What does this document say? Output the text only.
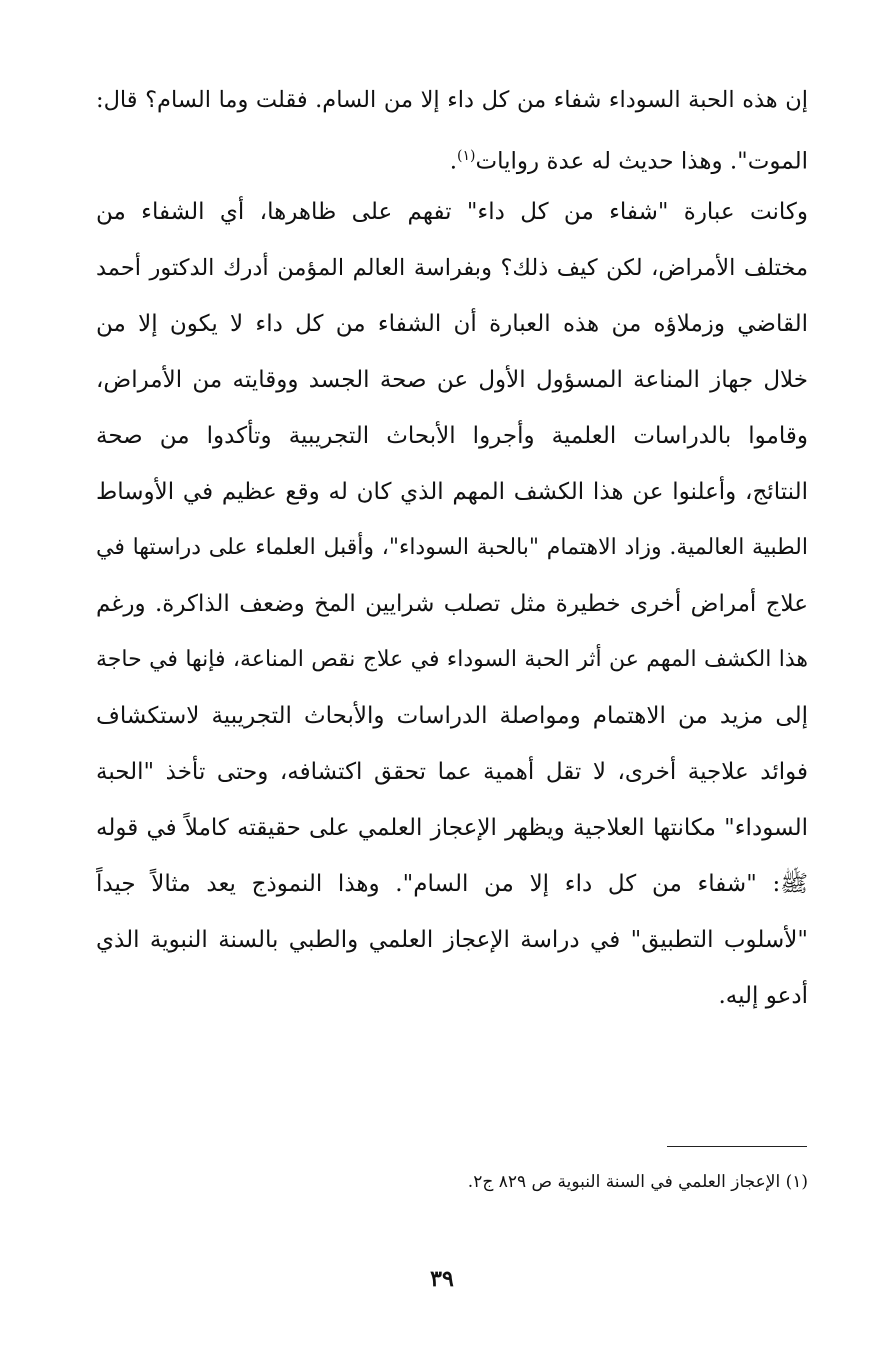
إن هذه الحبة السوداء شفاء من كل داء إلا من السام. فقلت وما السام؟ قال:
الموت". وهذا حديث له عدة روايات$^{(١)}$.
وكانت عبارة "شفاء من كل داء" تفهم على ظاهرها، أي الشفاء من
مختلف الأمراض، لكن كيف ذلك؟ وبفراسة العالم المؤمن أدرك الدكتور أحمد
القاضي وزملاؤه من هذه العبارة أن الشفاء من كل داء لا يكون إلا من
خلال جهاز المناعة المسؤول الأول عن صحة الجسد ووقايته من الأمراض،
وقاموا بالدراسات العلمية وأجروا الأبحاث التجريبية وتأكدوا من صحة
النتائج، وأعلنوا عن هذا الكشف المهم الذي كان له وقع عظيم في الأوساط
الطبية العالمية. وزاد الاهتمام "بالحبة السوداء"، وأقبل العلماء على دراستها في
علاج أمراض أخرى خطيرة مثل تصلب شرايين المخ وضعف الذاكرة. ورغم
هذا الكشف المهم عن أثر الحبة السوداء في علاج نقص المناعة، فإنها في حاجة
إلى مزيد من الاهتمام ومواصلة الدراسات والأبحاث التجريبية لاستكشاف
فوائد علاجية أخرى، لا تقل أهمية عما تحقق اكتشافه، وحتى تأخذ "الحبة
السوداء" مكانتها العلاجية ويظهر الإعجاز العلمي على حقيقته كاملاً في قوله
ﷺ: "شفاء من كل داء إلا من السام". وهذا النموذج يعد مثالاً جيداً
"لأسلوب التطبيق" في دراسة الإعجاز العلمي والطبي بالسنة النبوية الذي
أدعو إليه.
(١) الإعجاز العلمي في السنة النبوية ص ٨٢٩ ج٢.
٣٩
